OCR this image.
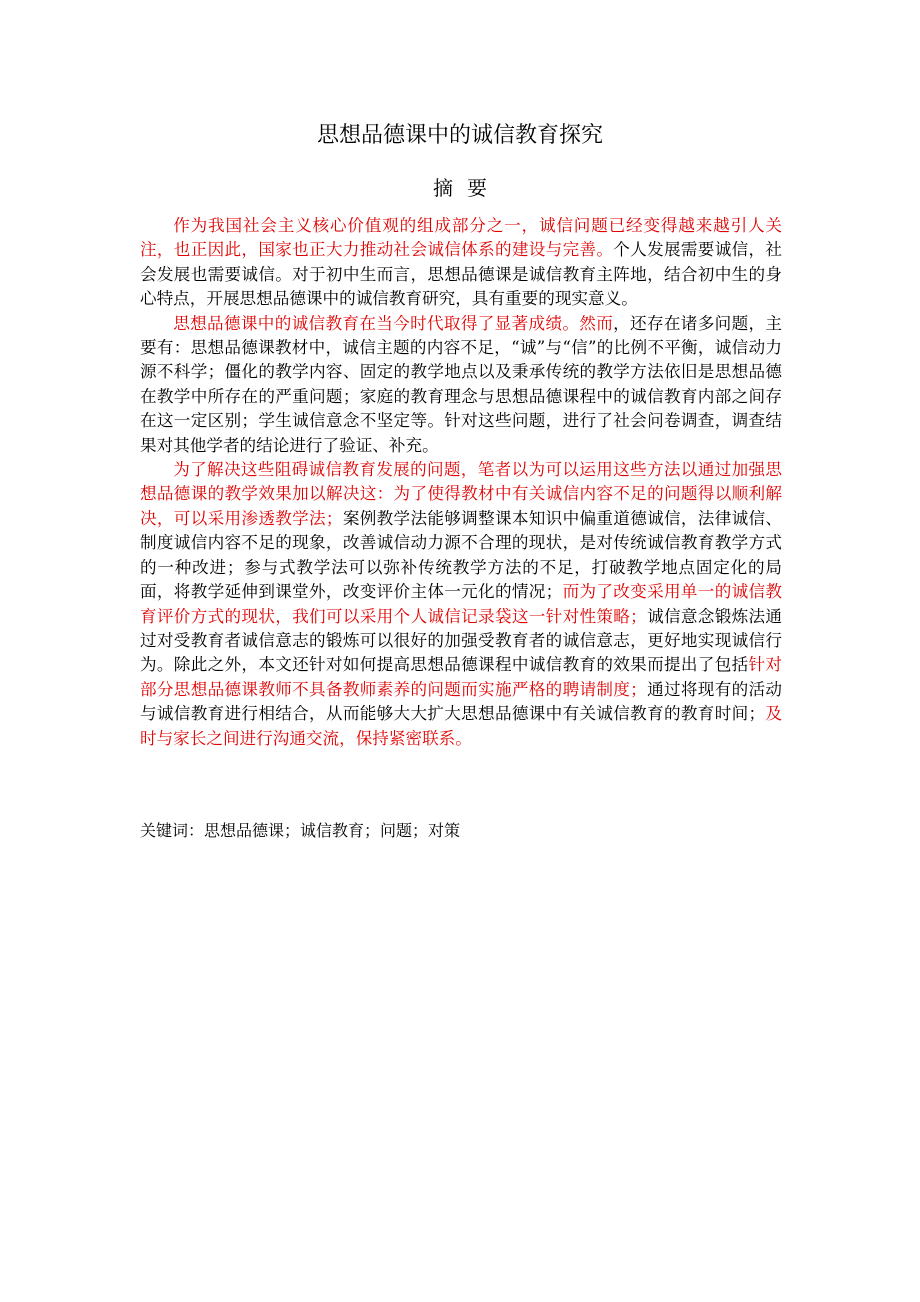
思想品德课中的诚信教育探究
摘要

作为我国社会主义核心价值观的组成部分之一，诚信问题已经变得越来越引人关注，也正因此，国家也正大力推动社会诚信体系的建设与完善。个人发展需要诚信，社会发展也需要诚信。对于初中生而言，思想品德课是诚信教育主阵地，结合初中生的身心特点，开展思想品德课中的诚信教育研究，具有重要的现实意义。

思想品德课中的诚信教育在当今时代取得了显著成绩。然而，还存在诸多问题，主要有：思想品德课教材中，诚信主题的内容不足，“诚”与“信”的比例不平衡，诚信动力源不科学；僵化的教学内容、固定的教学地点以及秉承传统的教学方法依旧是思想品德在教学中所存在的严重问题；家庭的教育理念与思想品德课程中的诚信教育内部之间存在这一定区别；学生诚信意念不坚定等。针对这些问题，进行了社会问卷调查，调查结果对其他学者的结论进行了验证、补充。

为了解决这些阻碍诚信教育发展的问题，笔者以为可以运用这些方法以通过加强思想品德课的教学效果加以解决这：为了使得教材中有关诚信内容不足的问题得以顺利解决，可以采用渗透教学法；案例教学法能够调整课本知识中偏重道德诚信，法律诚信、制度诚信内容不足的现象，改善诚信动力源不合理的现状，是对传统诚信教育教学方式的一种改进；参与式教学法可以弥补传统教学方法的不足，打破教学地点固定化的局面，将教学延伸到课堂外，改变评价主体一元化的情况；而为了改变采用单一的诚信教育评价方式的现状，我们可以采用个人诚信记录袋这一针对性策略；诚信意念锻炼法通过对受教育者诚信意志的锻炼可以很好的加强受教育者的诚信意志，更好地实现诚信行为。除此之外，本文还针对如何提高思想品德课程中诚信教育的效果而提出了包括针对部分思想品德课教师不具备教师素养的问题而实施严格的聘请制度；通过将现有的活动与诚信教育进行相结合，从而能够大大扩大思想品德课中有关诚信教育的教育时间；及时与家长之间进行沟通交流，保持紧密联系。

关键词：思想品德课；诚信教育；问题；对策
